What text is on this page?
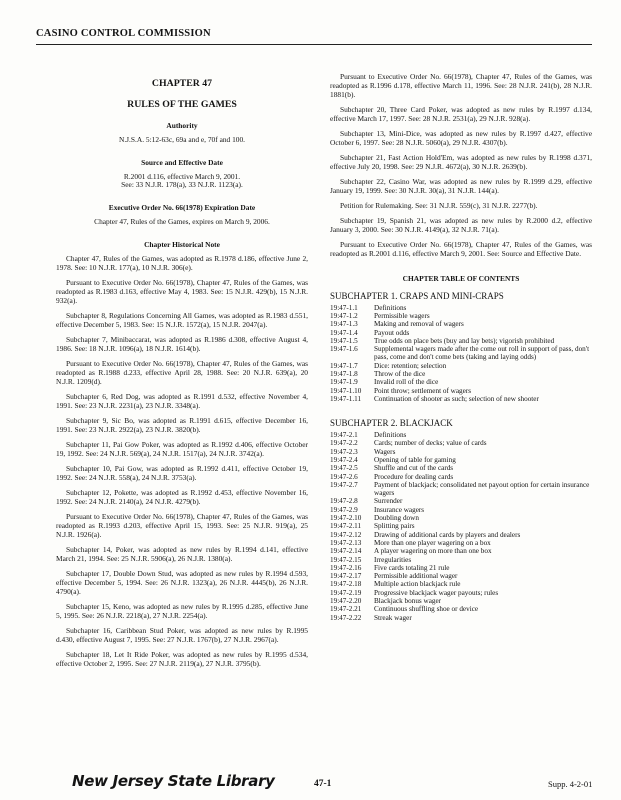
CASINO CONTROL COMMISSION
CHAPTER 47
RULES OF THE GAMES
Authority
N.J.S.A. 5:12-63c, 69a and e, 70f and 100.
Source and Effective Date
R.2001 d.116, effective March 9, 2001.
See: 33 N.J.R. 178(a), 33 N.J.R. 1123(a).
Executive Order No. 66(1978) Expiration Date
Chapter 47, Rules of the Games, expires on March 9, 2006.
Chapter Historical Note

Chapter 47, Rules of the Games, was adopted as R.1978 d.186, effective June 2, 1978. See: 10 N.J.R. 177(a), 10 N.J.R. 306(e).

Pursuant to Executive Order No. 66(1978), Chapter 47, Rules of the Games, was readopted as R.1983 d.163, effective May 4, 1983. See: 15 N.J.R. 429(b), 15 N.J.R. 932(a).

Subchapter 8, Regulations Concerning All Games, was adopted as R.1983 d.551, effective December 5, 1983. See: 15 N.J.R. 1572(a), 15 N.J.R. 2047(a).

Subchapter 7, Minibaccarat, was adopted as R.1986 d.308, effective August 4, 1986. See: 18 N.J.R. 1096(a), 18 N.J.R. 1614(b).

Pursuant to Executive Order No. 66(1978), Chapter 47, Rules of the Games, was readopted as R.1988 d.233, effective April 28, 1988. See: 20 N.J.R. 639(a), 20 N.J.R. 1209(d).

Subchapter 6, Red Dog, was adopted as R.1991 d.532, effective November 4, 1991. See: 23 N.J.R. 2231(a), 23 N.J.R. 3348(a).

Subchapter 9, Sic Bo, was adopted as R.1991 d.615, effective December 16, 1991. See: 23 N.J.R. 2922(a), 23 N.J.R. 3820(b).

Subchapter 11, Pai Gow Poker, was adopted as R.1992 d.406, effective October 19, 1992. See: 24 N.J.R. 569(a), 24 N.J.R. 1517(a), 24 N.J.R. 3742(a).

Subchapter 10, Pai Gow, was adopted as R.1992 d.411, effective October 19, 1992. See: 24 N.J.R. 558(a), 24 N.J.R. 3753(a).

Subchapter 12, Pokette, was adopted as R.1992 d.453, effective November 16, 1992. See: 24 N.J.R. 2140(a), 24 N.J.R. 4279(b).

Pursuant to Executive Order No. 66(1978), Chapter 47, Rules of the Games, was readopted as R.1993 d.203, effective April 15, 1993. See: 25 N.J.R. 919(a), 25 N.J.R. 1926(a).

Subchapter 14, Poker, was adopted as new rules by R.1994 d.141, effective March 21, 1994. See: 25 N.J.R. 5906(a), 26 N.J.R. 1380(a).

Subchapter 17, Double Down Stud, was adopted as new rules by R.1994 d.593, effective December 5, 1994. See: 26 N.J.R. 1323(a), 26 N.J.R. 4445(b), 26 N.J.R. 4790(a).

Subchapter 15, Keno, was adopted as new rules by R.1995 d.285, effective June 5, 1995. See: 26 N.J.R. 2218(a), 27 N.J.R. 2254(a).

Subchapter 16, Caribbean Stud Poker, was adopted as new rules by R.1995 d.430, effective August 7, 1995. See: 27 N.J.R. 1767(b), 27 N.J.R. 2967(a).

Subchapter 18, Let It Ride Poker, was adopted as new rules by R.1995 d.534, effective October 2, 1995. See: 27 N.J.R. 2119(a), 27 N.J.R. 3795(b).

Pursuant to Executive Order No. 66(1978), Chapter 47, Rules of the Games, was readopted as R.1996 d.178, effective March 11, 1996. See: 28 N.J.R. 241(b), 28 N.J.R. 1881(b).

Subchapter 20, Three Card Poker, was adopted as new rules by R.1997 d.134, effective March 17, 1997. See: 28 N.J.R. 2531(a), 29 N.J.R. 928(a).

Subchapter 13, Mini-Dice, was adopted as new rules by R.1997 d.427, effective October 6, 1997. See: 28 N.J.R. 5060(a), 29 N.J.R. 4307(b).

Subchapter 21, Fast Action Hold'Em, was adopted as new rules by R.1998 d.371, effective July 20, 1998. See: 29 N.J.R. 4672(a), 30 N.J.R. 2639(b).

Subchapter 22, Casino War, was adopted as new rules by R.1999 d.29, effective January 19, 1999. See: 30 N.J.R. 30(a), 31 N.J.R. 144(a).

Petition for Rulemaking. See: 31 N.J.R. 559(c), 31 N.J.R. 2277(b).

Subchapter 19, Spanish 21, was adopted as new rules by R.2000 d.2, effective January 3, 2000. See: 30 N.J.R. 4149(a), 32 N.J.R. 71(a).

Pursuant to Executive Order No. 66(1978), Chapter 47, Rules of the Games, was readopted as R.2001 d.116, effective March 9, 2001. See: Source and Effective Date.

CHAPTER TABLE OF CONTENTS
SUBCHAPTER 1. CRAPS AND MINI-CRAPS
19:47-1.1	Definitions
19:47-1.2	Permissible wagers
19:47-1.3	Making and removal of wagers
19:47-1.4	Payout odds
19:47-1.5	True odds on place bets (buy and lay bets); vigorish prohibited
19:47-1.6	Supplemental wagers made after the come out roll in support of pass, don't pass, come and don't come bets (taking and laying odds)
19:47-1.7	Dice: retention; selection
19:47-1.8	Throw of the dice
19:47-1.9	Invalid roll of the dice
19:47-1.10	Point throw; settlement of wagers
19:47-1.11	Continuation of shooter as such; selection of new shooter
SUBCHAPTER 2. BLACKJACK
19:47-2.1	Definitions
19:47-2.2	Cards; number of decks; value of cards
19:47-2.3	Wagers
19:47-2.4	Opening of table for gaming
19:47-2.5	Shuffle and cut of the cards
19:47-2.6	Procedure for dealing cards
19:47-2.7	Payment of blackjack; consolidated net payout option for certain insurance wagers
19:47-2.8	Surrender
19:47-2.9	Insurance wagers
19:47-2.10	Doubling down
19:47-2.11	Splitting pairs
19:47-2.12	Drawing of additional cards by players and dealers
19:47-2.13	More than one player wagering on a box
19:47-2.14	A player wagering on more than one box
19:47-2.15	Irregularities
19:47-2.16	Five cards totaling 21 rule
19:47-2.17	Permissible additional wager
19:47-2.18	Multiple action blackjack rule
19:47-2.19	Progressive blackjack wager payouts; rules
19:47-2.20	Blackjack bonus wager
19:47-2.21	Continuous shuffling shoe or device
19:47-2.22	Streak wager
New Jersey State Library	47-1	Supp. 4-2-01
